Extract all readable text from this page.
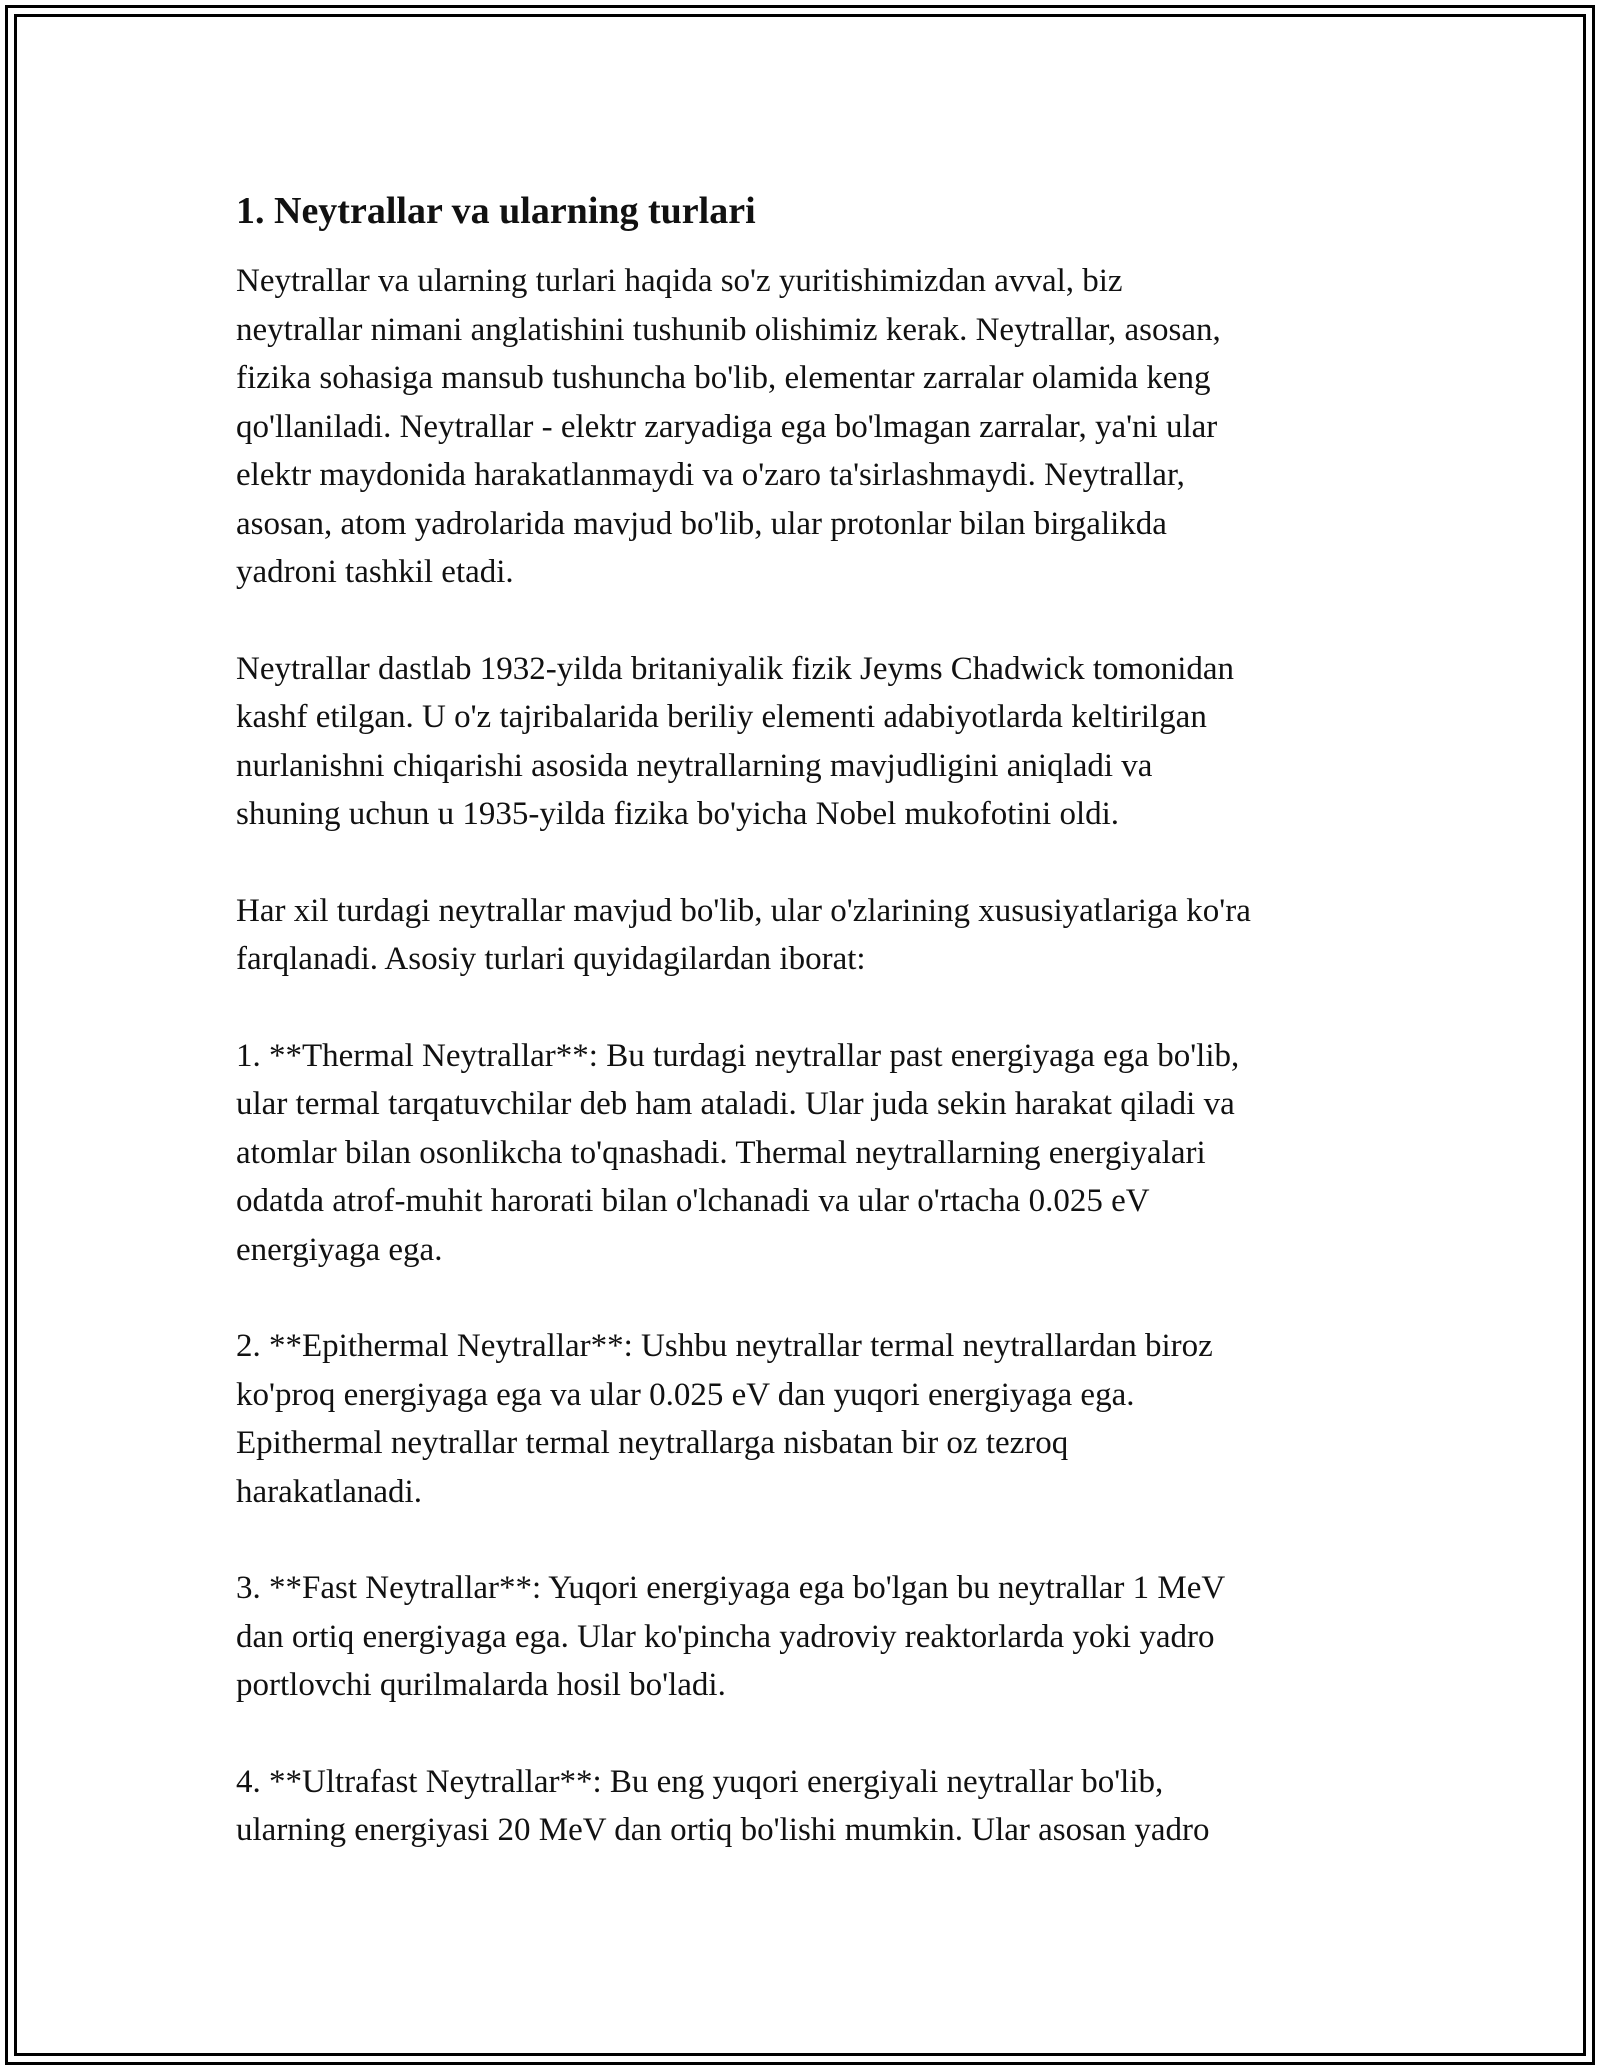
1. Neytrallar va ularning turlari

Neytrallar va ularning turlari haqida so'z yuritishimizdan avval, biz
neytrallar nimani anglatishini tushunib olishimiz kerak. Neytrallar, asosan,
fizika sohasiga mansub tushuncha bo'lib, elementar zarralar olamida keng
qo'llaniladi. Neytrallar - elektr zaryadiga ega bo'lmagan zarralar, ya'ni ular
elektr maydonida harakatlanmaydi va o'zaro ta'sirlashmaydi. Neytrallar,
asosan, atom yadrolarida mavjud bo'lib, ular protonlar bilan birgalikda
yadroni tashkil etadi.

Neytrallar dastlab 1932-yilda britaniyalik fizik Jeyms Chadwick tomonidan
kashf etilgan. U o'z tajribalarida beriliy elementi adabiyotlarda keltirilgan
nurlanishni chiqarishi asosida neytrallarning mavjudligini aniqladi va
shuning uchun u 1935-yilda fizika bo'yicha Nobel mukofotini oldi.

Har xil turdagi neytrallar mavjud bo'lib, ular o'zlarining xususiyatlariga ko'ra
farqlanadi. Asosiy turlari quyidagilardan iborat:

1. **Thermal Neytrallar**: Bu turdagi neytrallar past energiyaga ega bo'lib,
ular termal tarqatuvchilar deb ham ataladi. Ular juda sekin harakat qiladi va
atomlar bilan osonlikcha to'qnashadi. Thermal neytrallarning energiyalari
odatda atrof-muhit harorati bilan o'lchanadi va ular o'rtacha 0.025 eV
energiyaga ega.

2. **Epithermal Neytrallar**: Ushbu neytrallar termal neytrallardan biroz
ko'proq energiyaga ega va ular 0.025 eV dan yuqori energiyaga ega.
Epithermal neytrallar termal neytrallarga nisbatan bir oz tezroq
harakatlanadi.

3. **Fast Neytrallar**: Yuqori energiyaga ega bo'lgan bu neytrallar 1 MeV
dan ortiq energiyaga ega. Ular ko'pincha yadroviy reaktorlarda yoki yadro
portlovchi qurilmalarda hosil bo'ladi.

4. **Ultrafast Neytrallar**: Bu eng yuqori energiyali neytrallar bo'lib,
ularning energiyasi 20 MeV dan ortiq bo'lishi mumkin. Ular asosan yadro
